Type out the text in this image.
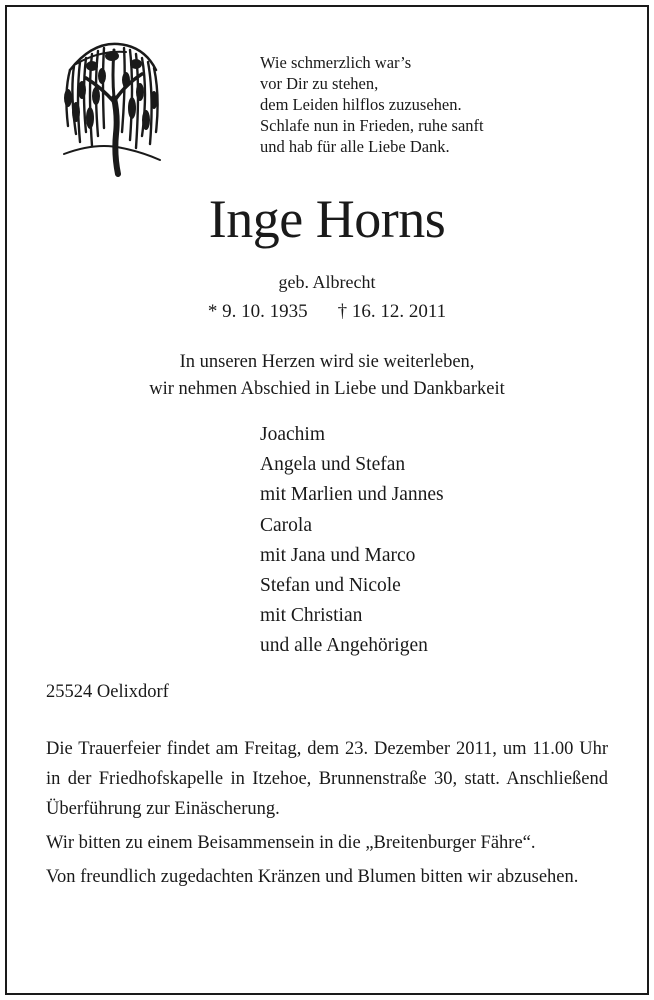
Wie schmerzlich war’s
vor Dir zu stehen,
dem Leiden hilflos zuzusehen.
Schlafe nun in Frieden, ruhe sanft
und hab für alle Liebe Dank.
Inge Horns
geb. Albrecht
* 9. 10. 1935 † 16. 12. 2011
In unseren Herzen wird sie weiterleben,
wir nehmen Abschied in Liebe und Dankbarkeit
Joachim
Angela und Stefan
mit Marlien und Jannes
Carola
mit Jana und Marco
Stefan und Nicole
mit Christian
und alle Angehörigen
25524 Oelixdorf

Die Trauerfeier findet am Freitag, dem 23. Dezember 2011, um 11.00 Uhr in der Friedhofskapelle in Itzehoe, Brunnenstraße 30, statt. Anschließend Überführung zur Einäscherung.

Wir bitten zu einem Beisammensein in die „Breitenburger Fähre“.

Von freundlich zugedachten Kränzen und Blumen bitten wir abzusehen.
